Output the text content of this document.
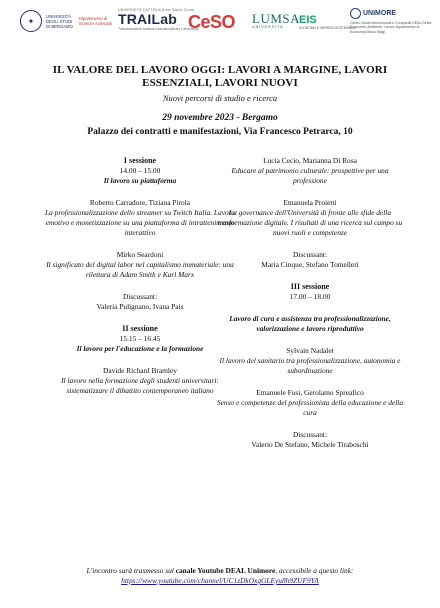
✦
UNIVERSITÀ DEGLI STUDI DI BERGAMO
Dipartimento di Scienze Aziendali
UNIVERSITÀ CATTOLICA del Sacro Cuore
TRAILab
Transformative Actions Interdisciplinary Laboratory
CeSO LUMSA
UNIVERSITÀ
EIS
ECONOMIA E IMPRESA SOSTENIBILE
UNIMORE
Centro Studi Internazionali e Comparati DEAL Diritto, Economia, Ambiente, Lavoro Dipartimento di Economia Marco Biagi
IL VALORE DEL LAVORO OGGI: LAVORI A MARGINE, LAVORI
ESSENZIALI, LAVORI NUOVI
Nuovi percorsi di studio e ricerca
29 novembre 2023 - Bergamo
Palazzo dei contratti e manifestazioni, Via Francesco Petrarca, 10
I sessione
14.00 – 15.00
Il lavoro su piattaforma
Roberto Carradore, Tiziana Pirola
La professionalizzazione dello streamer su Twitch Italia. Lavoro emotivo e monetizzazione su una piattaforma di intrattenimento interattivo
Mirko Seardoni
Il significato del digital labor nel capitalismo immateriale: una rilettura di Adam Smith e Karl Marx
Discussant:
Valeria Pulignano, Ivana Pais
II sessione
15.15 – 16.45
Il lavoro per l'educazione e la formazione
Davide Richard Bramley
Il lavoro nella formazione degli studenti universitari: sistematizzare il dibattito contemporaneo italiano
Lucia Cecio, Marianna Di Rosa
Educare al patrimonio culturale: prospettive per una professione
Emanuela Proietti
La governance dell'Università di fronte alle sfide della trasformazione digitale. I risultati di una ricerca sul campo su nuovi ruoli e competenze
Discussant:
Maria Cinque, Stefano Tomelleri
III sessione
17.00 – 18.00
Lavoro di cura e assistenza tra professionalizzazione, valorizzazione e lavoro riproduttivo
Sylvain Nadalet
Il lavoro del sanitario tra professionalizzazione, autonomia e subordinazione
Emanuele Fusi, Gerolamo Spreafico
Senso e competenze del professionista della educazione e della cura
Discussant:
Valerio De Stefano, Michele Tiraboschi
L'incontro sarà trasmesso sul canale Youtube DEAL Unimore, accessibile a questo link:
https://www.youtube.com/channel/UC1zDkOxgGLEyu8h9ZUF9YA
